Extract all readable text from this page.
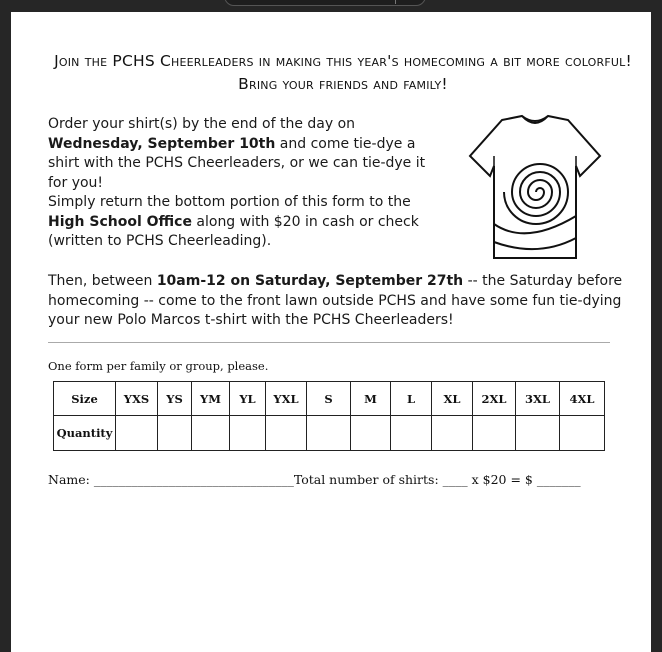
Join the PCHS Cheerleaders in making this year's homecoming a bit more colorful! Bring your friends and family!
Order your shirt(s) by the end of the day on Wednesday, September 10th and come tie-dye a shirt with the PCHS Cheerleaders, or we can tie-dye it for you!
Simply return the bottom portion of this form to the High School Office along with $20 in cash or check (written to PCHS Cheerleading).
Then, between 10am-12 on Saturday, September 27th -- the Saturday before homecoming -- come to the front lawn outside PCHS and have some fun tie-dying your new Polo Marcos t-shirt with the PCHS Cheerleaders!
One form per family or group, please.
Size	YXS	YS	YM	YL	YXL	S	M	L	XL	2XL	3XL	4XL
Quantity												
Name: ________________________________Total number of shirts: ____ x $20 = $ _______
